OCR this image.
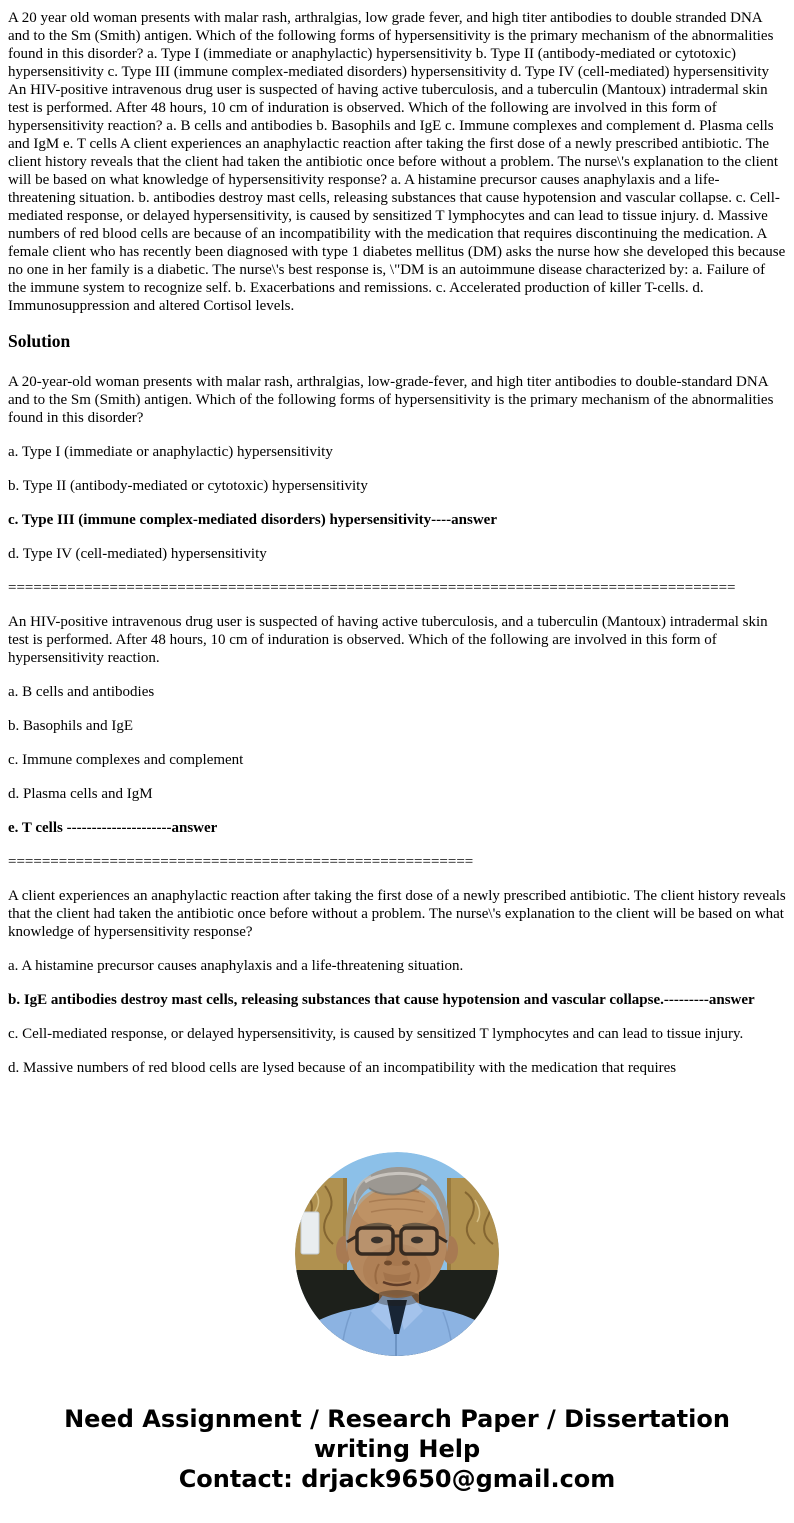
A 20 year old woman presents with malar rash, arthralgias, low grade fever, and high titer antibodies to double stranded DNA and to the Sm (Smith) antigen. Which of the following forms of hypersensitivity is the primary mechanism of the abnormalities found in this disorder? a. Type I (immediate or anaphylactic) hypersensitivity b. Type II (antibody-mediated or cytotoxic) hypersensitivity c. Type III (immune complex-mediated disorders) hypersensitivity d. Type IV (cell-mediated) hypersensitivity An HIV-positive intravenous drug user is suspected of having active tuberculosis, and a tuberculin (Mantoux) intradermal skin test is performed. After 48 hours, 10 cm of induration is observed. Which of the following are involved in this form of hypersensitivity reaction? a. B cells and antibodies b. Basophils and IgE c. Immune complexes and complement d. Plasma cells and IgM e. T cells A client experiences an anaphylactic reaction after taking the first dose of a newly prescribed antibiotic. The client history reveals that the client had taken the antibiotic once before without a problem. The nurse\'s explanation to the client will be based on what knowledge of hypersensitivity response? a. A histamine precursor causes anaphylaxis and a life-threatening situation. b. antibodies destroy mast cells, releasing substances that cause hypotension and vascular collapse. c. Cell-mediated response, or delayed hypersensitivity, is caused by sensitized T lymphocytes and can lead to tissue injury. d. Massive numbers of red blood cells are because of an incompatibility with the medication that requires discontinuing the medication. A female client who has recently been diagnosed with type 1 diabetes mellitus (DM) asks the nurse how she developed this because no one in her family is a diabetic. The nurse\'s best response is, \"DM is an autoimmune disease characterized by: a. Failure of the immune system to recognize self. b. Exacerbations and remissions. c. Accelerated production of killer T-cells. d. Immunosuppression and altered Cortisol levels.

Solution

A 20-year-old woman presents with malar rash, arthralgias, low-grade-fever, and high titer antibodies to double-standard DNA and to the Sm (Smith) antigen. Which of the following forms of hypersensitivity is the primary mechanism of the abnormalities found in this disorder?

a. Type I (immediate or anaphylactic) hypersensitivity

b. Type II (antibody-mediated or cytotoxic) hypersensitivity

c. Type III (immune complex-mediated disorders) hypersensitivity----answer

d. Type IV (cell-mediated) hypersensitivity

======================================================================================

An HIV-positive intravenous drug user is suspected of having active tuberculosis, and a tuberculin (Mantoux) intradermal skin test is performed. After 48 hours, 10 cm of induration is observed. Which of the following are involved in this form of hypersensitivity reaction.

a. B cells and antibodies

b. Basophils and IgE

c. Immune complexes and complement

d. Plasma cells and IgM

e. T cells ---------------------answer

=======================================================

A client experiences an anaphylactic reaction after taking the first dose of a newly prescribed antibiotic. The client history reveals that the client had taken the antibiotic once before without a problem. The nurse\'s explanation to the client will be based on what knowledge of hypersensitivity response?

a. A histamine precursor causes anaphylaxis and a life-threatening situation.

b. IgE antibodies destroy mast cells, releasing substances that cause hypotension and vascular collapse.---------answer

c. Cell-mediated response, or delayed hypersensitivity, is caused by sensitized T lymphocytes and can lead to tissue injury.

d. Massive numbers of red blood cells are lysed because of an incompatibility with the medication that requires

Need Assignment / Research Paper / Dissertation writing Help
Contact: drjack9650@gmail.com
